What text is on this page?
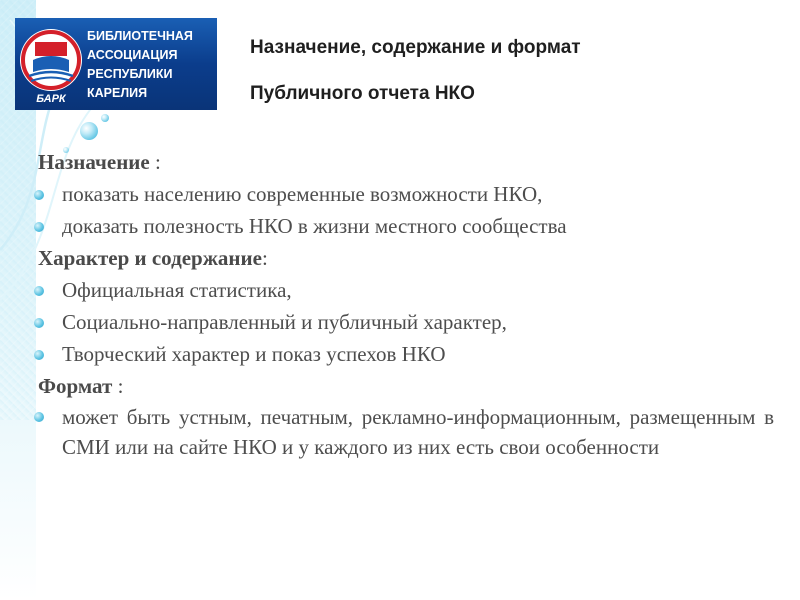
БАРК
БИБЛИОТЕЧНАЯ
АССОЦИАЦИЯ
РЕСПУБЛИКИ
КАРЕЛИЯ
Назначение, содержание и формат
Публичного отчета НКО
Назначение :
показать населению современные возможности НКО,
доказать полезность НКО в жизни местного сообщества
Характер и содержание:
Официальная статистика,
Социально-направленный и публичный характер,
Творческий характер и показ успехов НКО
Формат :
может быть устным, печатным, рекламно-информационным, размещенным в СМИ или на сайте НКО и у каждого из них есть свои особенности
